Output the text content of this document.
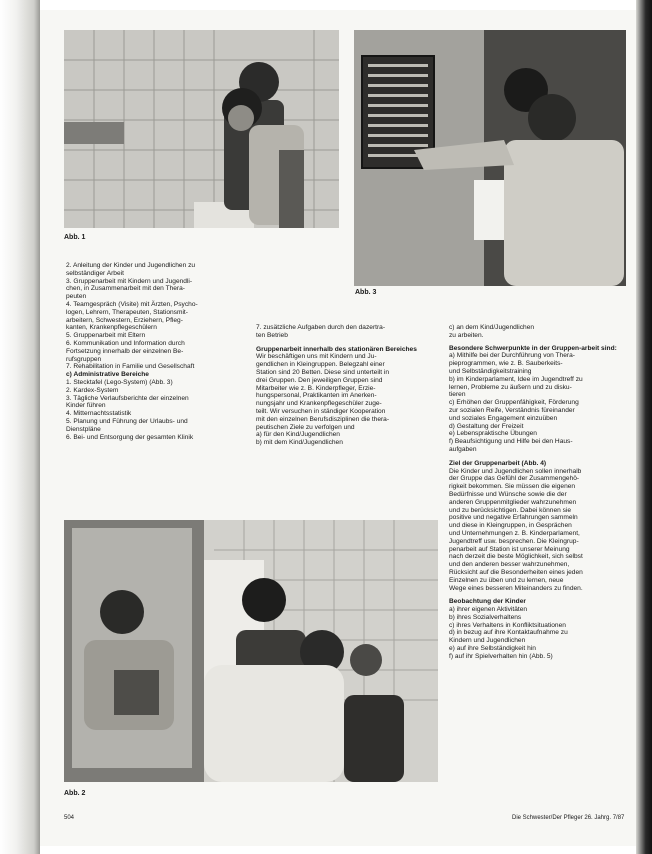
Abb. 1
Abb. 3
Abb. 2

2. Anleitung der Kinder und Jugendlichen zu

selbständiger Arbeit

3. Gruppenarbeit mit Kindern und Jugendli-

chen, in Zusammenarbeit mit den Thera-

peuten

4. Teamgespräch (Visite) mit Ärzten, Psycho-

logen, Lehrern, Therapeuten, Stationsmit-

arbeitern, Schwestern, Erziehern, Pfleg-

kanten, Krankenpflegeschülern

5. Gruppenarbeit mit Eltern

6. Kommunikation und Information durch

Fortsetzung innerhalb der einzelnen Be-

rufsgruppen

7. Rehabilitation in Familie und Gesellschaft

c) Administrative Bereiche

1. Stecktafel (Lego-System) (Abb. 3)

2. Kardex-System

3. Tägliche Verlaufsberichte der einzelnen

Kinder führen

4. Mitternachtsstatistik

5. Planung und Führung der Urlaubs- und

Dienstpläne

6. Bei- und Entsorgung der gesamten Klinik

7. zusätzliche Aufgaben durch den dazertra-

ten Betrieb

Gruppenarbeit innerhalb des stationären Bereiches

Wir beschäftigen uns mit Kindern und Ju-

gendlichen in Kleingruppen. Belegzahl einer

Station sind 20 Betten. Diese sind unterteilt in

drei Gruppen. Den jeweiligen Gruppen sind

Mitarbeiter wie z. B. Kinderpfleger, Erzie-

hungspersonal, Praktikanten im Anerken-

nungsjahr und Krankenpflegeschüler zuge-

teilt. Wir versuchen in ständiger Kooperation

mit den einzelnen Berufsdisziplinen die thera-

peutischen Ziele zu verfolgen und

a) für den Kind/Jugendlichen

b) mit dem Kind/Jugendlichen

c) an dem Kind/Jugendlichen

zu arbeiten.

Besondere Schwerpunkte in der Gruppen-arbeit sind:

a) Mithilfe bei der Durchführung von Thera-

pieprogrammen, wie z. B. Sauberkeits-

und Selbständigkeitstraining

b) im Kinderparlament, Idee im Jugendtreff zu

lernen, Probleme zu äußern und zu disku-

tieren

c) Erhöhen der Gruppenfähigkeit, Förderung

zur sozialen Reife, Verständnis füreinander

und soziales Engagement einzuüben

d) Gestaltung der Freizeit

e) Lebenspraktische Übungen

f) Beaufsichtigung und Hilfe bei den Haus-

aufgaben

Ziel der Gruppenarbeit (Abb. 4)

Die Kinder und Jugendlichen sollen innerhalb

der Gruppe das Gefühl der Zusammengehö-

rigkeit bekommen. Sie müssen die eigenen

Bedürfnisse und Wünsche sowie die der

anderen Gruppenmitglieder wahrzunehmen

und zu berücksichtigen. Dabei können sie

positive und negative Erfahrungen sammeln

und diese in Kleingruppen, in Gesprächen

und Unternehmungen z. B. Kinderparlament,

Jugendtreff usw. besprechen. Die Kleingrup-

penarbeit auf Station ist unserer Meinung

nach derzeit die beste Möglichkeit, sich selbst

und den anderen besser wahrzunehmen,

Rücksicht auf die Besonderheiten eines jeden

Einzelnen zu üben und zu lernen, neue

Wege eines besseren Miteinanders zu finden.

Beobachtung der Kinder

a) ihrer eigenen Aktivitäten

b) ihres Sozialverhaltens

c) ihres Verhaltens in Konfliktsituationen

d) in bezug auf ihre Kontaktaufnahme zu

Kindern und Jugendlichen

e) auf ihre Selbständigkeit hin

f) auf ihr Spielverhalten hin (Abb. 5)

504	Die Schwester/Der Pfleger 26. Jahrg. 7/87
